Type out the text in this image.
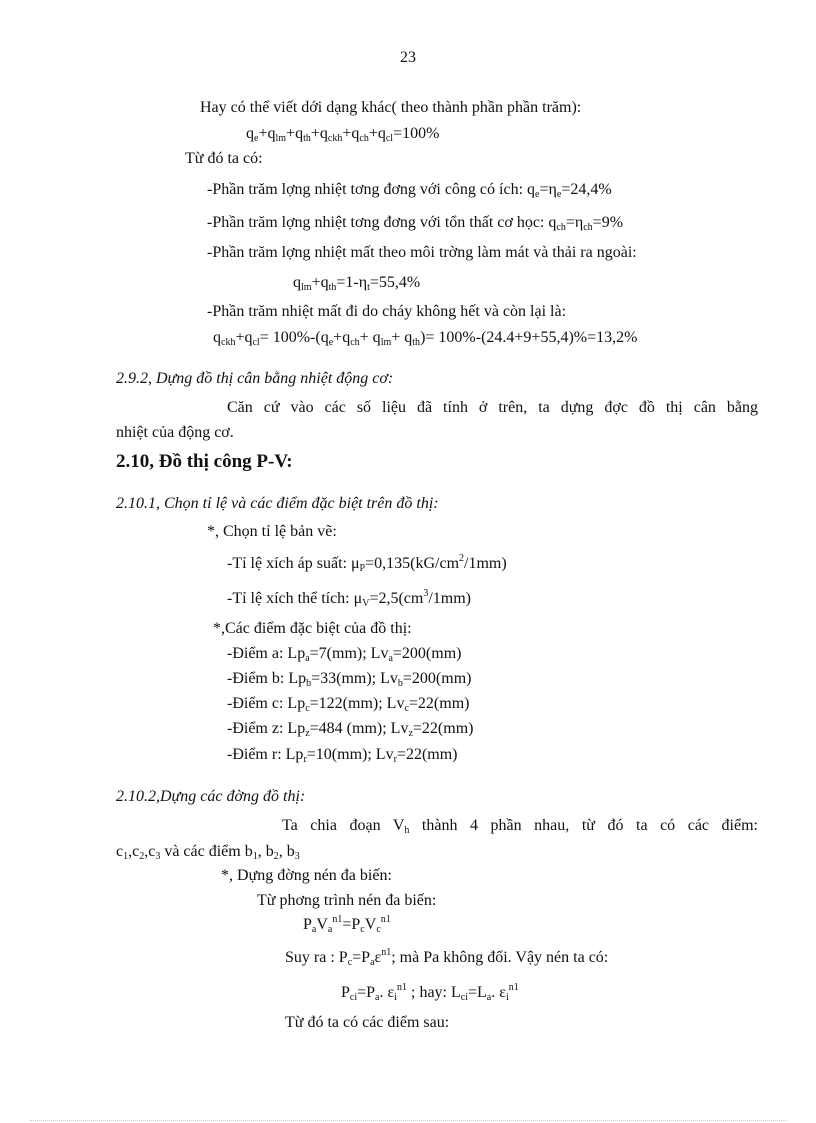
23
Hay có thể viết dới dạng khác( theo thành phần phần trăm):
$q_e+q_{lm}+q_{th}+q_{ckh}+q_{ch}+q_{cl}=100\%$
Từ đó ta có:
-Phần trăm lợng nhiệt tơng đơng với công có ích: $q_e=\eta_e=24,4\%$
-Phần trăm lợng nhiệt tơng đơng với tổn thất cơ học: $q_{ch}=\eta_{ch}=9\%$
-Phần trăm lợng nhiệt mất theo môi trờng làm mát và thải ra ngoài:
$q_{lm}+q_{th}=1-\eta_t=55,4\%$
-Phần trăm nhiệt mất đi do cháy không hết và còn lại là:
$q_{ckh}+q_{cl}= 100\%-(q_e+q_{ch}+ q_{lm}+ q_{th})= 100\%-(24.4+9+55,4)\%=13,2\%$
2.9.2, Dựng đồ thị cân bằng nhiệt động cơ:
Căn cứ vào các số liệu đã tính ở trên, ta dựng đợc đồ thị cân bằng
nhiệt của động cơ.
2.10, Đồ thị công P-V:
2.10.1, Chọn tỉ lệ và các điểm đặc biệt trên đồ thị:
*, Chọn tỉ lệ bản vẽ:
-Tỉ lệ xích áp suất: $\mu_P=0,135(kG/cm^2/1mm)$
-Tỉ lệ xích thể tích: $\mu_V=2,5(cm^3/1mm)$
*,Các điểm đặc biệt của đồ thị:
-Điểm a: $Lp_a=7(mm)$; $Lv_a=200(mm)$
-Điểm b: $Lp_b=33(mm)$; $Lv_b=200(mm)$
-Điểm c: $Lp_c=122(mm)$; $Lv_c=22(mm)$
-Điểm z: $Lp_z=484$ (mm); $Lv_z=22(mm)$
-Điểm r: $Lp_r=10(mm)$; $Lv_r=22(mm)$
2.10.2,Dựng các đờng đồ thị:
Ta chia đoạn $V_h$ thành 4 phần nhau, từ đó ta có các điểm:
$c_1,c_2,c_3$ và các điểm $b_1$, $b_2$, $b_3$
*, Dựng đờng nén đa biến:
Từ phơng trình nén đa biến:
$P_aV_a^{n1}=P_cV_c^{n1}$
Suy ra : $P_c=P_a\varepsilon^{n1}$; mà Pa không đổi. Vậy nén ta có:
$P_{ci}=P_a$. $\varepsilon_i^{n1}$ ; hay: $L_{ci}=L_a$. $\varepsilon_i^{n1}$
Từ đó ta có các điểm sau:
